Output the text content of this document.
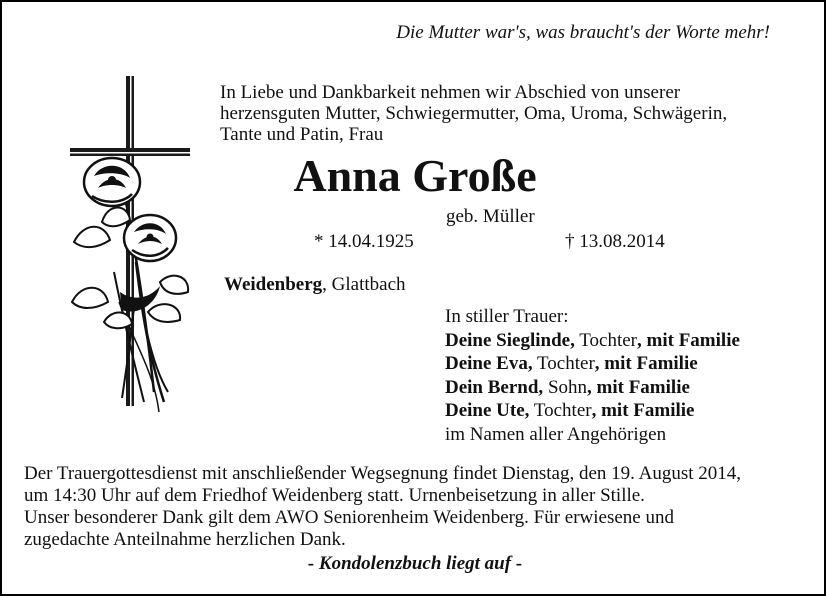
Die Mutter war's, was braucht's der Worte mehr!
In Liebe und Dankbarkeit nehmen wir Abschied von unserer
herzensguten Mutter, Schwiegermutter, Oma, Uroma, Schwägerin,
Tante und Patin, Frau
Anna Große
geb. Müller
* 14.04.1925	† 13.08.2014
Weidenberg, Glattbach
In stiller Trauer:
Deine Sieglinde, Tochter, mit Familie
Deine Eva, Tochter, mit Familie
Dein Bernd, Sohn, mit Familie
Deine Ute, Tochter, mit Familie
im Namen aller Angehörigen
Der Trauergottesdienst mit anschließender Wegsegnung findet Dienstag, den 19. August 2014,
um 14:30 Uhr auf dem Friedhof Weidenberg statt. Urnenbeisetzung in aller Stille.
Unser besonderer Dank gilt dem AWO Seniorenheim Weidenberg. Für erwiesene und
zugedachte Anteilnahme herzlichen Dank.
- Kondolenzbuch liegt auf -
